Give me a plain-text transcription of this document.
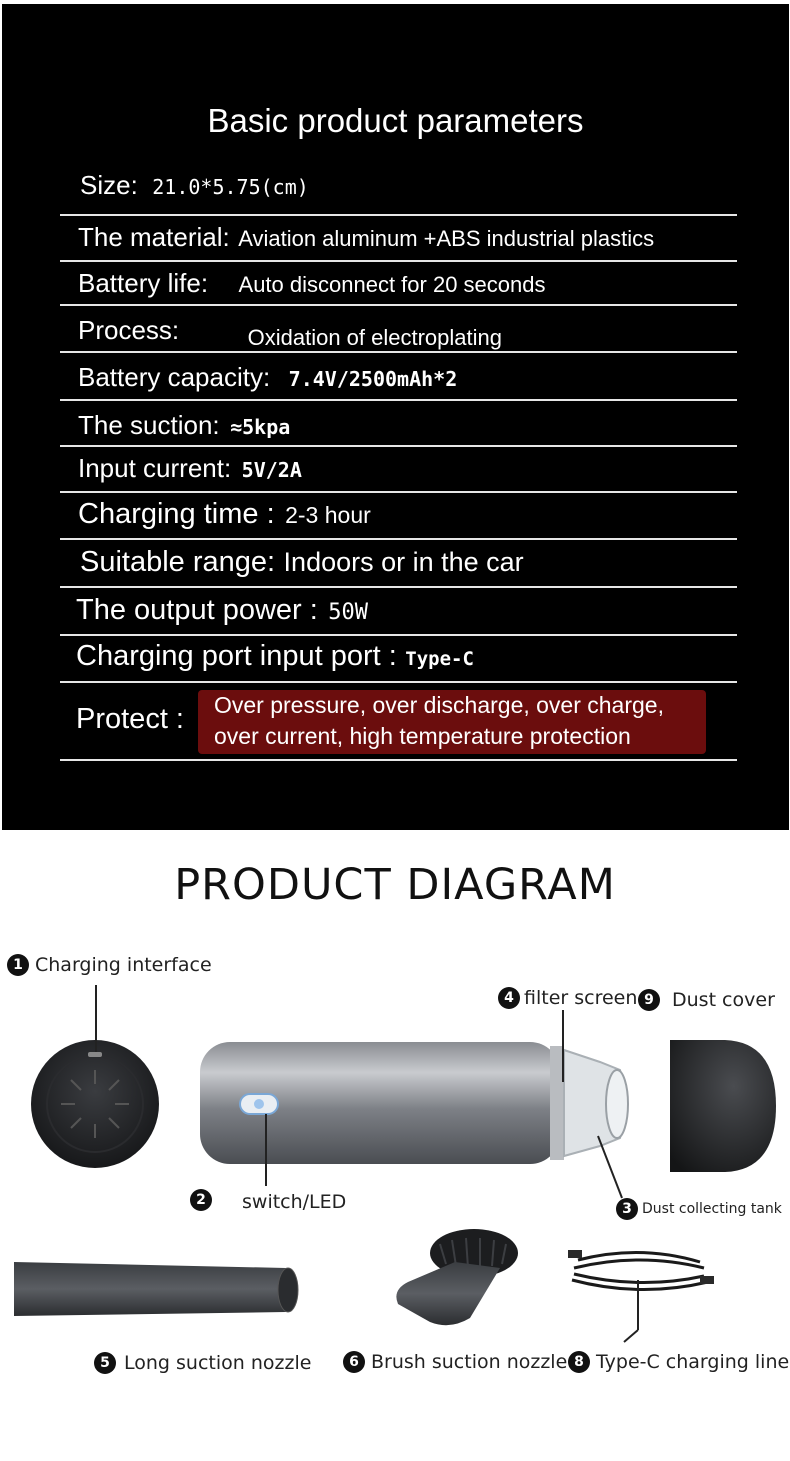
Basic product parameters
Size: 21.0*5.75(cm)
The material: Aviation aluminum +ABS industrial plastics
Battery life: Auto disconnect for 20 seconds
Process:	Oxidation of electroplating
Battery capacity: 7.4V/2500mAh*2
The suction: ≈5kpa
Input current: 5V/2A
Charging time : 2-3 hour
Suitable range: Indoors or in the car
The output power : 50W
Charging port input port : Type-C
Protect :	Over pressure, over discharge, over charge,
over current, high temperature protection
PRODUCT DIAGRAM
1 Charging interface
4 filter screen 9 Dust cover
2 switch/LED	3 Dust collecting tank
5 Long suction nozzle	6 Brush suction nozzle 8 Type-C charging line
